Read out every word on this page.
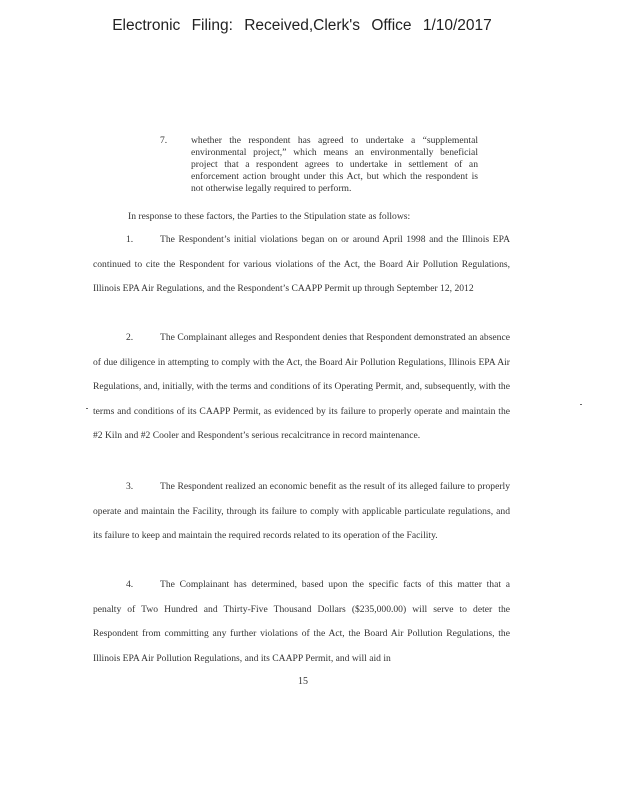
Electronic Filing: Received,Clerk's Office 1/10/2017
7. whether the respondent has agreed to undertake a “supplemental environmental project,” which means an environmentally beneficial project that a respondent agrees to undertake in settlement of an enforcement action brought under this Act, but which the respondent is not otherwise legally required to perform.
In response to these factors, the Parties to the Stipulation state as follows:
1.	The Respondent’s initial violations began on or around April 1998 and the Illinois EPA continued to cite the Respondent for various violations of the Act, the Board Air Pollution Regulations, Illinois EPA Air Regulations, and the Respondent’s CAAPP Permit up through September 12, 2012
2.	The Complainant alleges and Respondent denies that Respondent demonstrated an absence of due diligence in attempting to comply with the Act, the Board Air Pollution Regulations, Illinois EPA Air Regulations, and, initially, with the terms and conditions of its Operating Permit, and, subsequently, with the terms and conditions of its CAAPP Permit, as evidenced by its failure to properly operate and maintain the #2 Kiln and #2 Cooler and Respondent’s serious recalcitrance in record maintenance.
3.	The Respondent realized an economic benefit as the result of its alleged failure to properly operate and maintain the Facility, through its failure to comply with applicable particulate regulations, and its failure to keep and maintain the required records related to its operation of the Facility.
4.	The Complainant has determined, based upon the specific facts of this matter that a penalty of Two Hundred and Thirty-Five Thousand Dollars ($235,000.00) will serve to deter the Respondent from committing any further violations of the Act, the Board Air Pollution Regulations, the Illinois EPA Air Pollution Regulations, and its CAAPP Permit, and will aid in
15
